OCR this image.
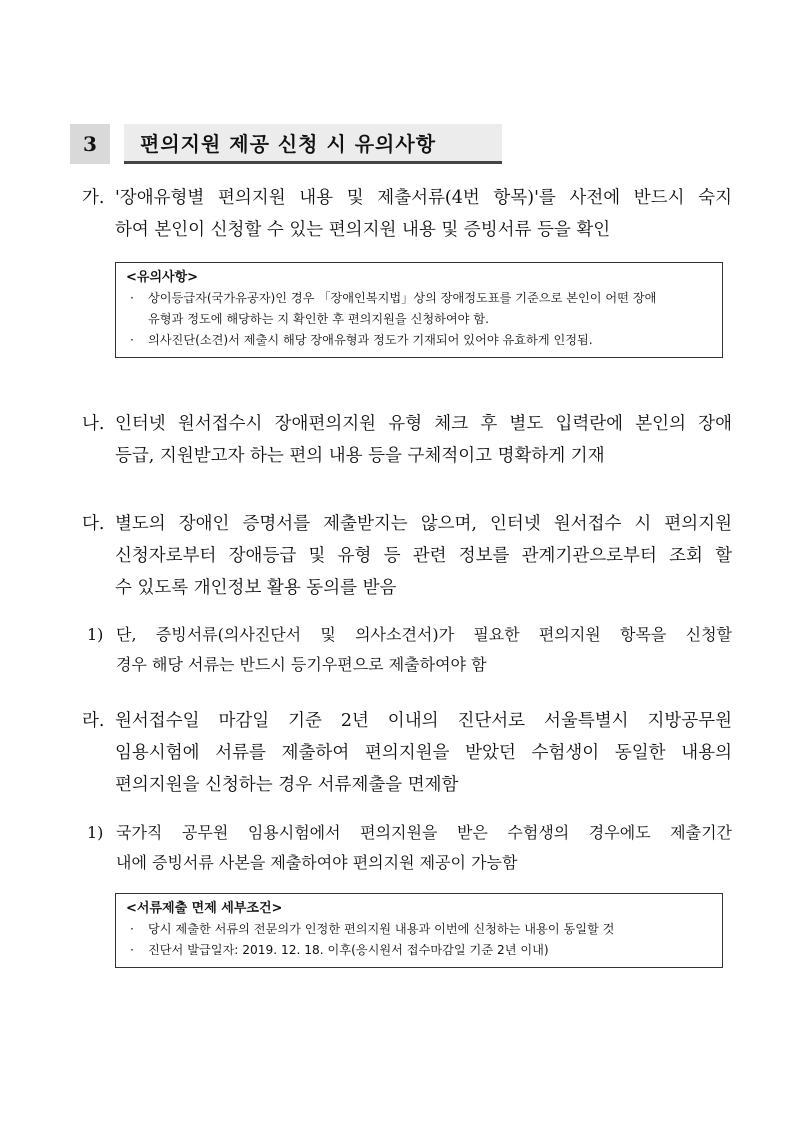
3	편의지원 제공 신청 시 유의사항
가. '장애유형별 편의지원 내용 및 제출서류(4번 항목)'를 사전에 반드시 숙지
하여 본인이 신청할 수 있는 편의지원 내용 및 증빙서류 등을 확인
<유의사항>
· 상이등급자(국가유공자)인 경우 「장애인복지법」상의 장애정도표를 기준으로 본인이 어떤 장애
유형과 정도에 해당하는 지 확인한 후 편의지원을 신청하여야 함.
· 의사진단(소견)서 제출시 해당 장애유형과 정도가 기재되어 있어야 유효하게 인정됨.
나. 인터넷 원서접수시 장애편의지원 유형 체크 후 별도 입력란에 본인의 장애
등급, 지원받고자 하는 편의 내용 등을 구체적이고 명확하게 기재
다. 별도의 장애인 증명서를 제출받지는 않으며, 인터넷 원서접수 시 편의지원
신청자로부터 장애등급 및 유형 등 관련 정보를 관계기관으로부터 조회 할
수 있도록 개인정보 활용 동의를 받음
1) 단, 증빙서류(의사진단서 및 의사소견서)가 필요한 편의지원 항목을 신청할
경우 해당 서류는 반드시 등기우편으로 제출하여야 함
라. 원서접수일 마감일 기준 2년 이내의 진단서로 서울특별시 지방공무원
임용시험에 서류를 제출하여 편의지원을 받았던 수험생이 동일한 내용의
편의지원을 신청하는 경우 서류제출을 면제함
1) 국가직 공무원 임용시험에서 편의지원을 받은 수험생의 경우에도 제출기간
내에 증빙서류 사본을 제출하여야 편의지원 제공이 가능함
<서류제출 면제 세부조건>
· 당시 제출한 서류의 전문의가 인정한 편의지원 내용과 이번에 신청하는 내용이 동일할 것
· 진단서 발급일자: 2019. 12. 18. 이후(응시원서 접수마감일 기준 2년 이내)
